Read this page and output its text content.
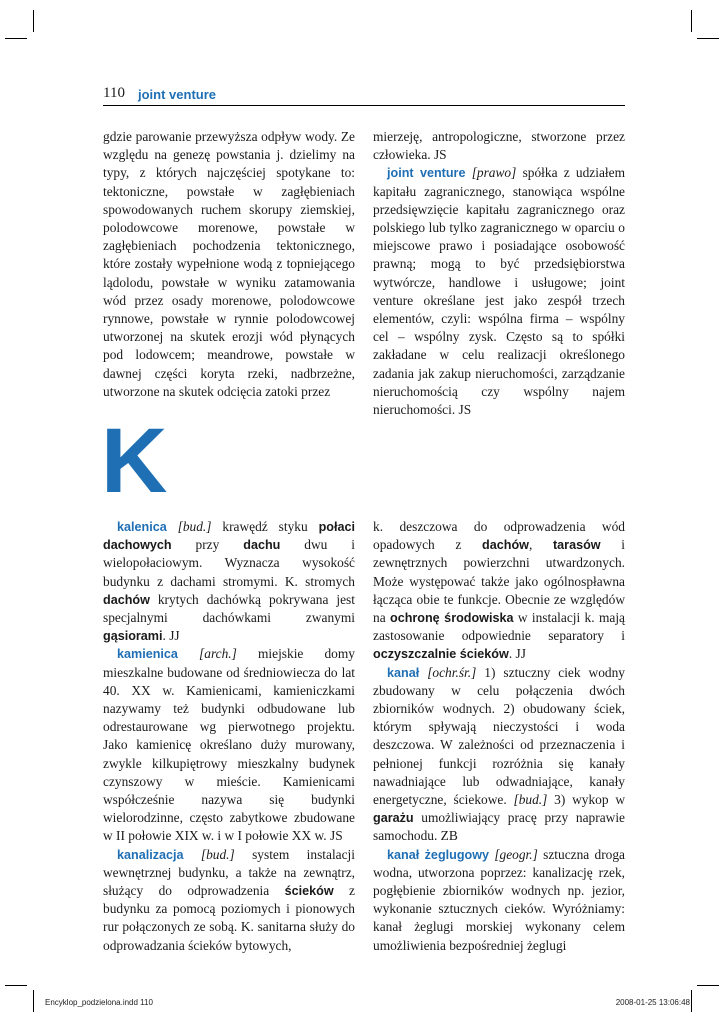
110 joint venture

gdzie parowanie przewyższa odpływ wody. Ze względu na genezę powstania j. dzielimy na typy, z których najczęściej spotykane to: tektoniczne, powstałe w zagłębieniach spowodowanych ruchem skorupy ziemskiej, polodowcowe morenowe, powstałe w zagłębieniach pochodzenia tektonicznego, które zostały wypełnione wodą z topniejącego lądolodu, powstałe w wyniku zatamowania wód przez osady morenowe, polodowcowe rynnowe, powstałe w rynnie polodowcowej utworzonej na skutek erozji wód płynących pod lodowcem; meandrowe, powstałe w dawnej części koryta rzeki, nadbrzeżne, utworzone na skutek odcięcia zatoki przez

mierzeję, antropologiczne, stworzone przez człowieka. JS

joint venture [prawo] spółka z udziałem kapitału zagranicznego, stanowiąca wspólne przedsięwzięcie kapitału zagranicznego oraz polskiego lub tylko zagranicznego w oparciu o miejscowe prawo i posiadające osobowość prawną; mogą to być przedsiębiorstwa wytwórcze, handlowe i usługowe; joint venture określane jest jako zespół trzech elementów, czyli: wspólna firma – wspólny cel – wspólny zysk. Często są to spółki zakładane w celu realizacji określonego zadania jak zakup nieruchomości, zarządzanie nieruchomością czy wspólny najem nieruchomości. JS

K

kalenica [bud.] krawędź styku połaci dachowych przy dachu dwu i wielopołaciowym. Wyznacza wysokość budynku z dachami stromymi. K. stromych dachów krytych dachówką pokrywana jest specjalnymi dachówkami zwanymi gąsiorami. JJ

kamienica [arch.] miejskie domy mieszkalne budowane od średniowiecza do lat 40. XX w. Kamienicami, kamieniczkami nazywamy też budynki odbudowane lub odrestaurowane wg pierwotnego projektu. Jako kamienicę określano duży murowany, zwykle kilkupiętrowy mieszkalny budynek czynszowy w mieście. Kamienicami współcześnie nazywa się budynki wielorodzinne, często zabytkowe zbudowane w II połowie XIX w. i w I połowie XX w. JS

kanalizacja [bud.] system instalacji wewnętrznej budynku, a także na zewnątrz, służący do odprowadzenia ścieków z budynku za pomocą poziomych i pionowych rur połączonych ze sobą. K. sanitarna służy do odprowadzania ścieków bytowych,

k. deszczowa do odprowadzenia wód opadowych z dachów, tarasów i zewnętrznych powierzchni utwardzonych. Może występować także jako ogólnospławna łącząca obie te funkcje. Obecnie ze względów na ochronę środowiska w instalacji k. mają zastosowanie odpowiednie separatory i oczyszczalnie ścieków. JJ

kanał [ochr.śr.] 1) sztuczny ciek wodny zbudowany w celu połączenia dwóch zbiorników wodnych. 2) obudowany ściek, którym spływają nieczystości i woda deszczowa. W zależności od przeznaczenia i pełnionej funkcji rozróżnia się kanały nawadniające lub odwadniające, kanały energetyczne, ściekowe. [bud.] 3) wykop w garażu umożliwiający pracę przy naprawie samochodu. ZB

kanał żeglugowy [geogr.] sztuczna droga wodna, utworzona poprzez: kanalizację rzek, pogłębienie zbiorników wodnych np. jezior, wykonanie sztucznych cieków. Wyróżniamy: kanał żeglugi morskiej wykonany celem umożliwienia bezpośredniej żeglugi

Encyklop_podzielona.indd 110	2008-01-25 13:06:48
